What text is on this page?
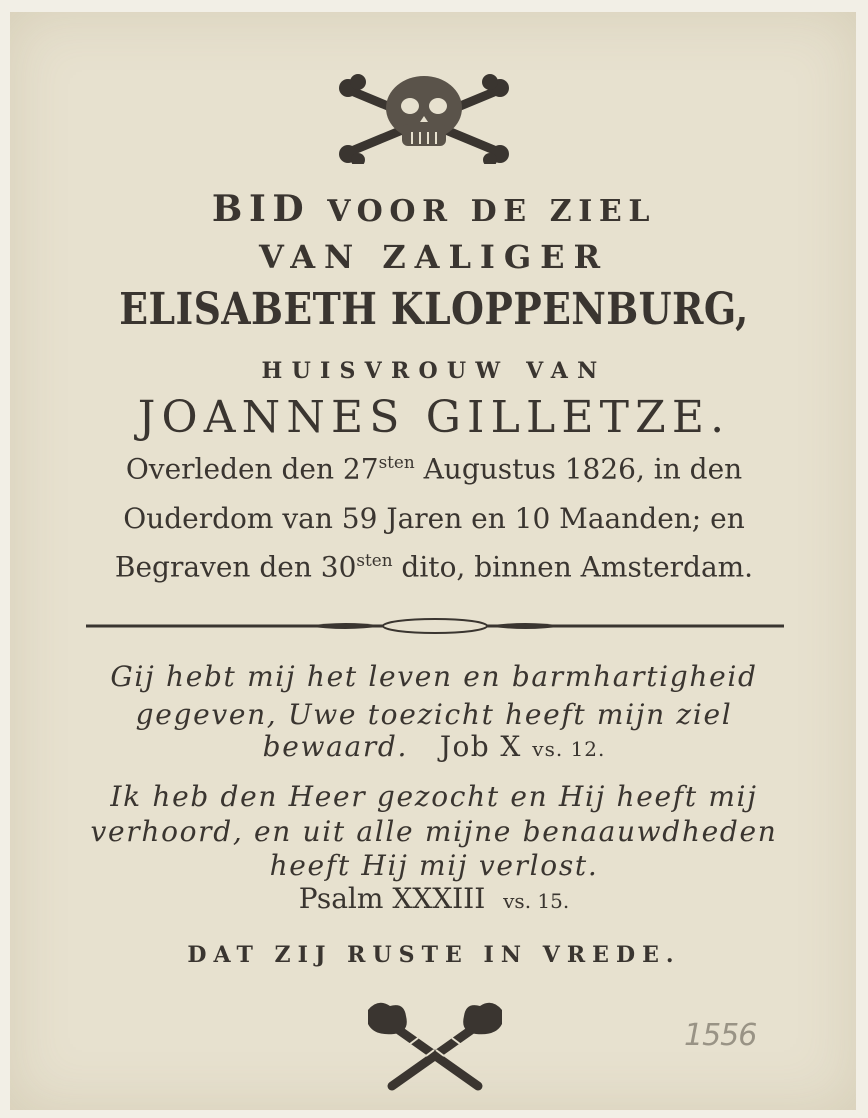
BID VOOR DE ZIEL
VAN ZALIGER
ELISABETH KLOPPENBURG,
HUISVROUW VAN
JOANNES GILLETZE.
Overleden den $27^{sten}$ Augustus 1826, in den
Ouderdom van 59 Jaren en 10 Maanden; en
Begraven den $30^{sten}$ dito, binnen Amsterdam.
Gij hebt mij het leven en barmhartigheid
gegeven, Uwe toezicht heeft mijn ziel
bewaard. Job X vs. 12.
Ik heb den Heer gezocht en Hij heeft mij
verhoord, en uit alle mijne benaauwdheden
heeft Hij mij verlost.
Psalm XXXIII vs. 15.
DAT ZIJ RUSTE IN VREDE.
1556
